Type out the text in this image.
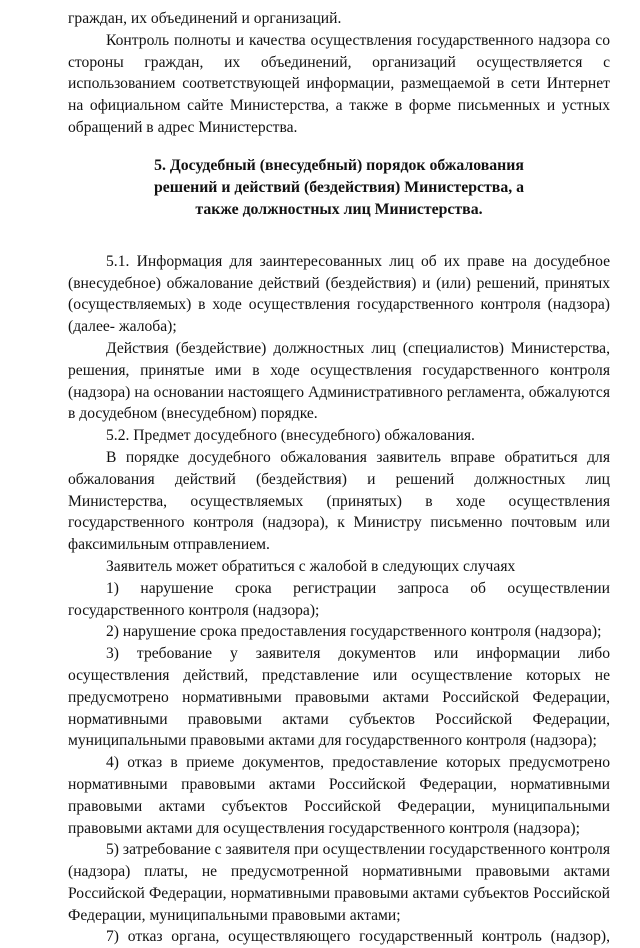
граждан, их объединений и организаций.

Контроль полноты и качества осуществления государственного надзора со стороны граждан, их объединений, организаций осуществляется с использованием соответствующей информации, размещаемой в сети Интернет на официальном сайте Министерства, а также в форме письменных и устных обращений в адрес Министерства.

5. Досудебный (внесудебный) порядок обжалования
решений и действий (бездействия) Министерства, а
также должностных лиц Министерства.

5.1. Информация для заинтересованных лиц об их праве на досудебное (внесудебное) обжалование действий (бездействия) и (или) решений, принятых (осуществляемых) в ходе осуществления государственного контроля (надзора) (далее- жалоба);

Действия (бездействие) должностных лиц (специалистов) Министерства, решения, принятые ими в ходе осуществления государственного контроля (надзора) на основании настоящего Административного регламента, обжалуются в досудебном (внесудебном) порядке.

5.2. Предмет досудебного (внесудебного) обжалования.

В порядке досудебного обжалования заявитель вправе обратиться для обжалования действий (бездействия) и решений должностных лиц Министерства, осуществляемых (принятых) в ходе осуществления государственного контроля (надзора), к Министру письменно почтовым или факсимильным отправлением.

Заявитель может обратиться с жалобой в следующих случаях

1) нарушение срока регистрации запроса об осуществлении
государственного контроля (надзора);

2) нарушение срока предоставления государственного контроля (надзора);

3) требование у заявителя документов или информации либо осуществления действий, представление или осуществление которых не предусмотрено нормативными правовыми актами Российской Федерации, нормативными правовыми актами субъектов Российской Федерации, муниципальными правовыми актами для государственного контроля (надзора);

4) отказ в приеме документов, предоставление которых предусмотрено нормативными правовыми актами Российской Федерации, нормативными правовыми актами субъектов Российской Федерации, муниципальными правовыми актами для осуществления государственного контроля (надзора);

5) затребование с заявителя при осуществлении государственного контроля (надзора) платы, не предусмотренной нормативными правовыми актами Российской Федерации, нормативными правовыми актами субъектов Российской Федерации, муниципальными правовыми актами;

7) отказ органа, осуществляющего государственный контроль (надзор),
